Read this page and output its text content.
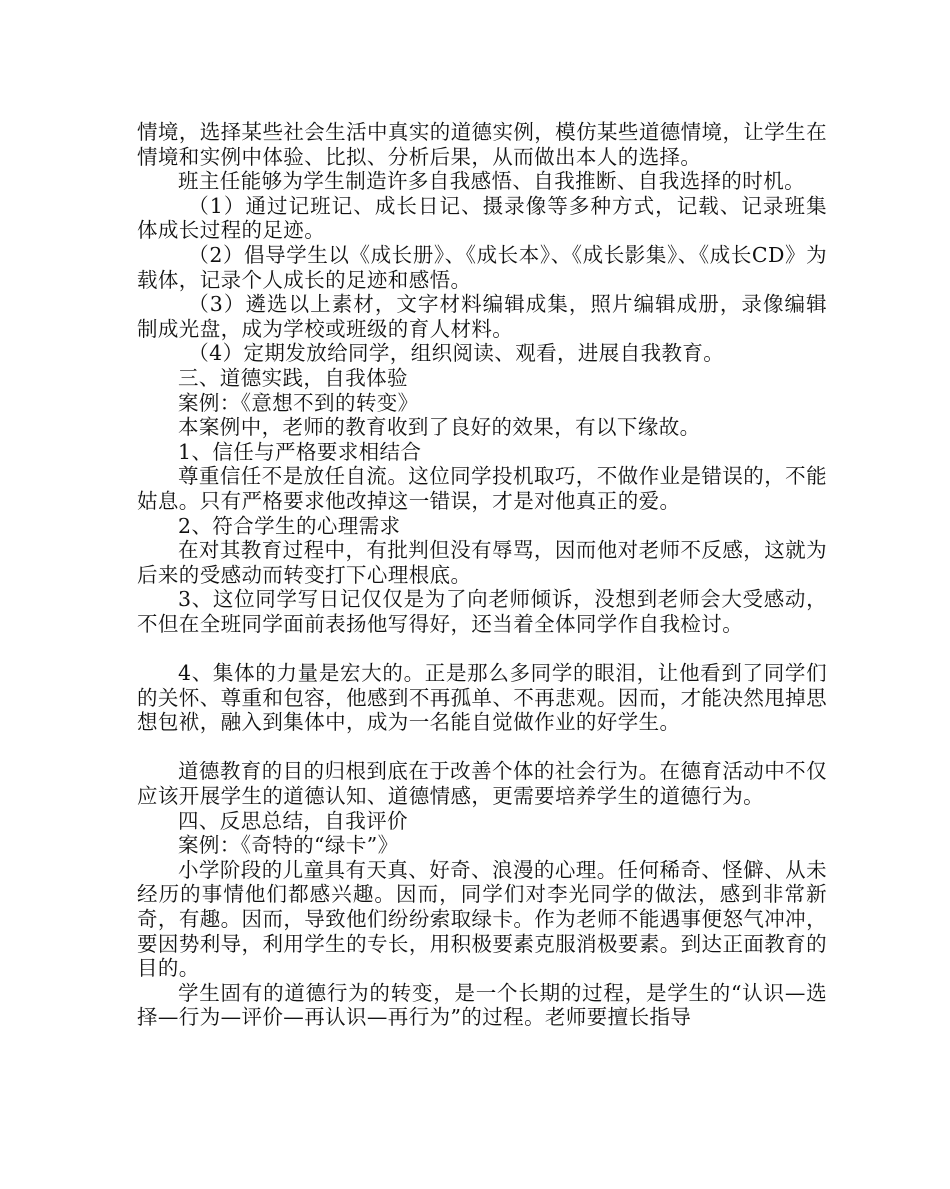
情境，选择某些社会生活中真实的道德实例，模仿某些道德情境，让学生在情境和实例中体验、比拟、分析后果，从而做出本人的选择。

班主任能够为学生制造许多自我感悟、自我推断、自我选择的时机。

（1）通过记班记、成长日记、摄录像等多种方式，记载、记录班集体成长过程的足迹。

（2）倡导学生以《成长册》、《成长本》、《成长影集》、《成长CD》为载体，记录个人成长的足迹和感悟。

（3）遴选以上素材，文字材料编辑成集，照片编辑成册，录像编辑制成光盘，成为学校或班级的育人材料。

（4）定期发放给同学，组织阅读、观看，进展自我教育。

三、道德实践，自我体验

案例：《意想不到的转变》

本案例中，老师的教育收到了良好的效果，有以下缘故。

1、信任与严格要求相结合

尊重信任不是放任自流。这位同学投机取巧，不做作业是错误的，不能姑息。只有严格要求他改掉这一错误，才是对他真正的爱。

2、符合学生的心理需求

在对其教育过程中，有批判但没有辱骂，因而他对老师不反感，这就为后来的受感动而转变打下心理根底。

3、这位同学写日记仅仅是为了向老师倾诉，没想到老师会大受感动，不但在全班同学面前表扬他写得好，还当着全体同学作自我检讨。

4、集体的力量是宏大的。正是那么多同学的眼泪，让他看到了同学们的关怀、尊重和包容，他感到不再孤单、不再悲观。因而，才能决然甩掉思想包袱，融入到集体中，成为一名能自觉做作业的好学生。

道德教育的目的归根到底在于改善个体的社会行为。在德育活动中不仅应该开展学生的道德认知、道德情感，更需要培养学生的道德行为。

四、反思总结，自我评价

案例：《奇特的“绿卡”》

小学阶段的儿童具有天真、好奇、浪漫的心理。任何稀奇、怪僻、从未经历的事情他们都感兴趣。因而，同学们对李光同学的做法，感到非常新奇，有趣。因而，导致他们纷纷索取绿卡。作为老师不能遇事便怒气冲冲，要因势利导，利用学生的专长，用积极要素克服消极要素。到达正面教育的目的。

学生固有的道德行为的转变，是一个长期的过程，是学生的“认识—选择—行为—评价—再认识—再行为”的过程。老师要擅长指导
